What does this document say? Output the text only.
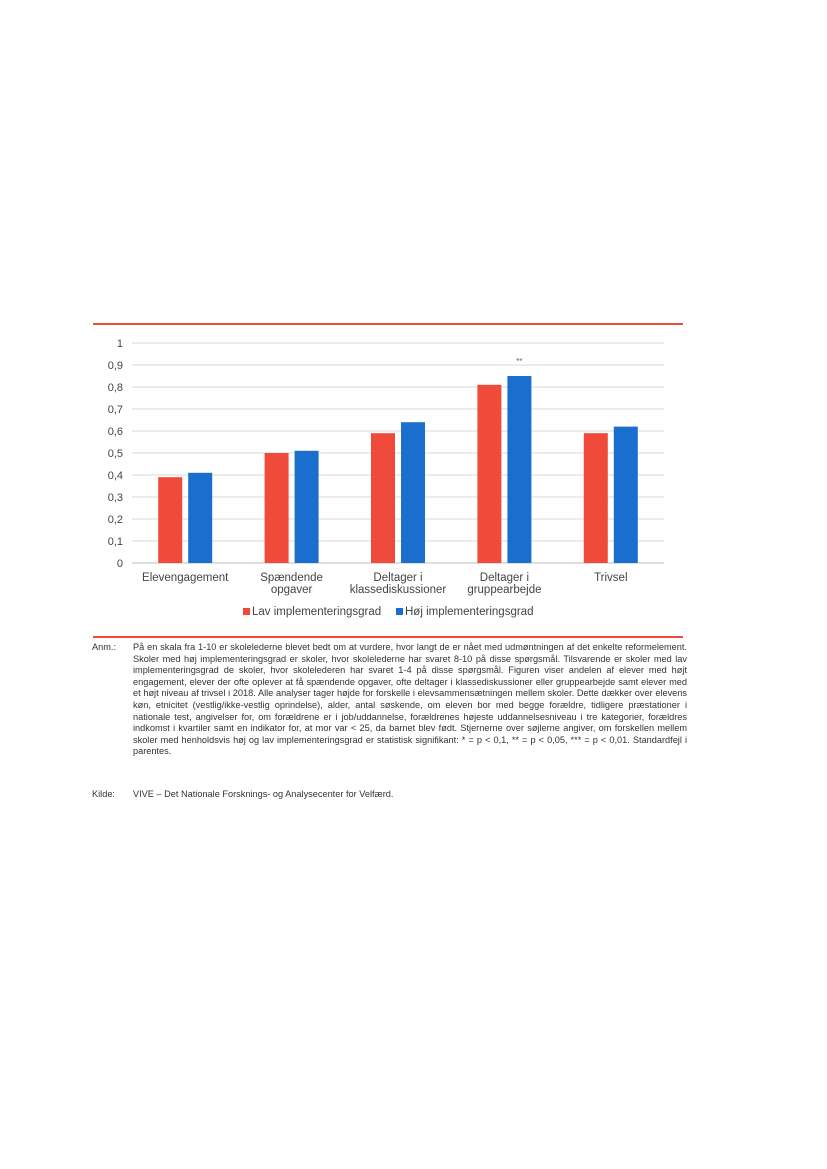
0
0,1
0,2
0,3
0,4
0,5
0,6
0,7
0,8
0,9
1
Elevengagement	Spændende
opgaver
Deltager i
klassediskussioner
**
Deltager i
gruppearbejde
Trivsel
Lav implementeringsgrad Høj implementeringsgrad
Anm.:	På en skala fra 1-10 er skolelederne blevet bedt om at vurdere, hvor langt de er nået med udmøntningen af det enkelte reformelement. Skoler med høj implementeringsgrad er skoler, hvor skolelederne har svaret 8-10 på disse spørgsmål. Tilsvarende er skoler med lav implementeringsgrad de skoler, hvor skolelederen har svaret 1-4 på disse spørgsmål. Figuren viser andelen af elever med højt engagement, elever der ofte oplever at få spændende opgaver, ofte deltager i klassediskussioner eller gruppearbejde samt elever med et højt niveau af trivsel i 2018. Alle analyser tager højde for forskelle i elevsammensætningen mellem skoler. Dette dækker over elevens køn, etnicitet (vestlig/ikke-vestlig oprindelse), alder, antal søskende, om eleven bor med begge forældre, tidligere præstationer i nationale test, angivelser for, om forældrene er i job/uddannelse, forældrenes højeste uddannelsesniveau i tre kategorier, forældres indkomst i kvartiler samt en indikator for, at mor var < 25, da barnet blev født. Stjernerne over søjlerne angiver, om forskellen mellem skoler med henholdsvis høj og lav implementeringsgrad er statistisk signifikant: * = p < 0,1, ** = p < 0,05, *** = p < 0,01. Standardfejl i parentes.
Kilde:	VIVE – Det Nationale Forsknings- og Analysecenter for Velfærd.
